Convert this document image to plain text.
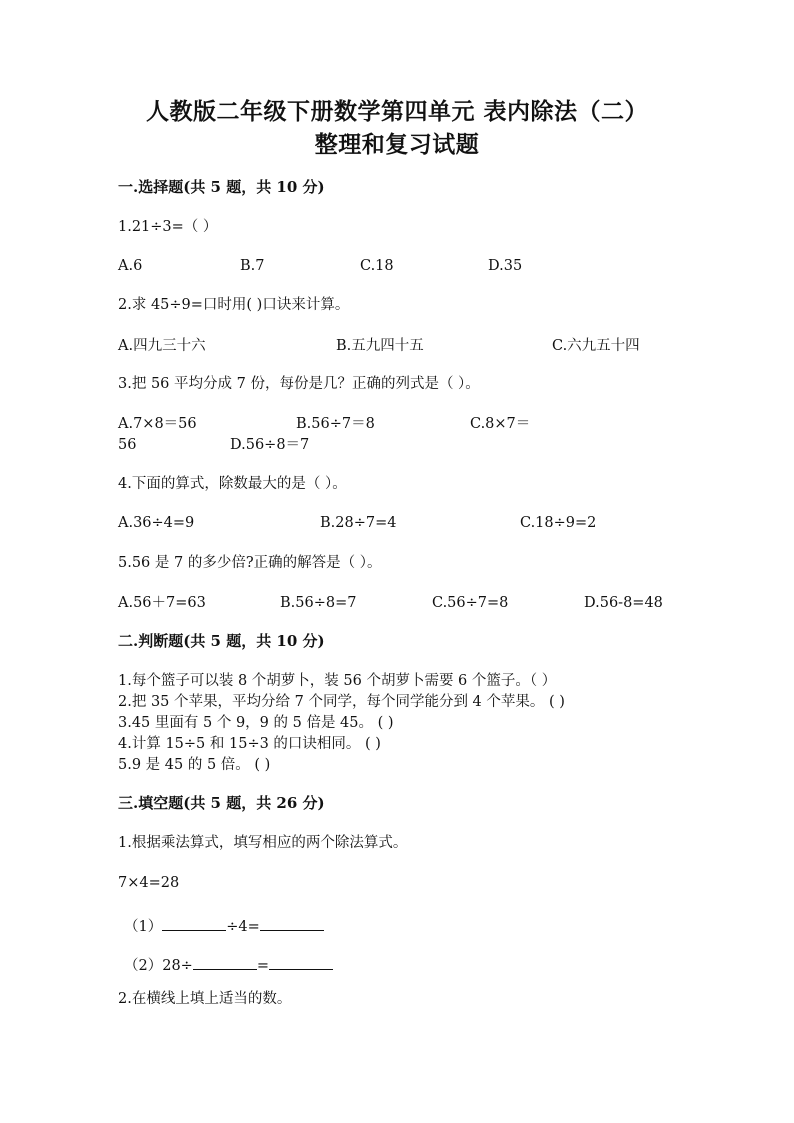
人教版二年级下册数学第四单元 表内除法（二）
整理和复习试题
一.选择题(共 5 题，共 10 分)
1.21÷3=（ ）
A.6	B.7	C.18	D.35
2.求 45÷9=口时用( )口诀来计算。
A.四九三十六	B.五九四十五	C.六九五十四
3.把 56 平均分成 7 份，每份是几？正确的列式是（ ）。
A.7×8＝56	B.56÷7＝8	C.8×7＝
56	D.56÷8＝7
4.下面的算式，除数最大的是（ ）。
A.36÷4=9	B.28÷7=4	C.18÷9=2
5.56 是 7 的多少倍?正确的解答是（ ）。
A.56＋7=63	B.56÷8=7	C.56÷7=8	D.56-8=48
二.判断题(共 5 题，共 10 分)
1.每个篮子可以装 8 个胡萝卜，装 56 个胡萝卜需要 6 个篮子。（ ）
2.把 35 个苹果，平均分给 7 个同学，每个同学能分到 4 个苹果。 ( )
3.45 里面有 5 个 9，9 的 5 倍是 45。 ( )
4.计算 15÷5 和 15÷3 的口诀相同。 ( )
5.9 是 45 的 5 倍。 ( )
三.填空题(共 5 题，共 26 分)
1.根据乘法算式，填写相应的两个除法算式。
7×4=28
（1）	÷4=
（2）28÷	=
2.在横线上填上适当的数。
